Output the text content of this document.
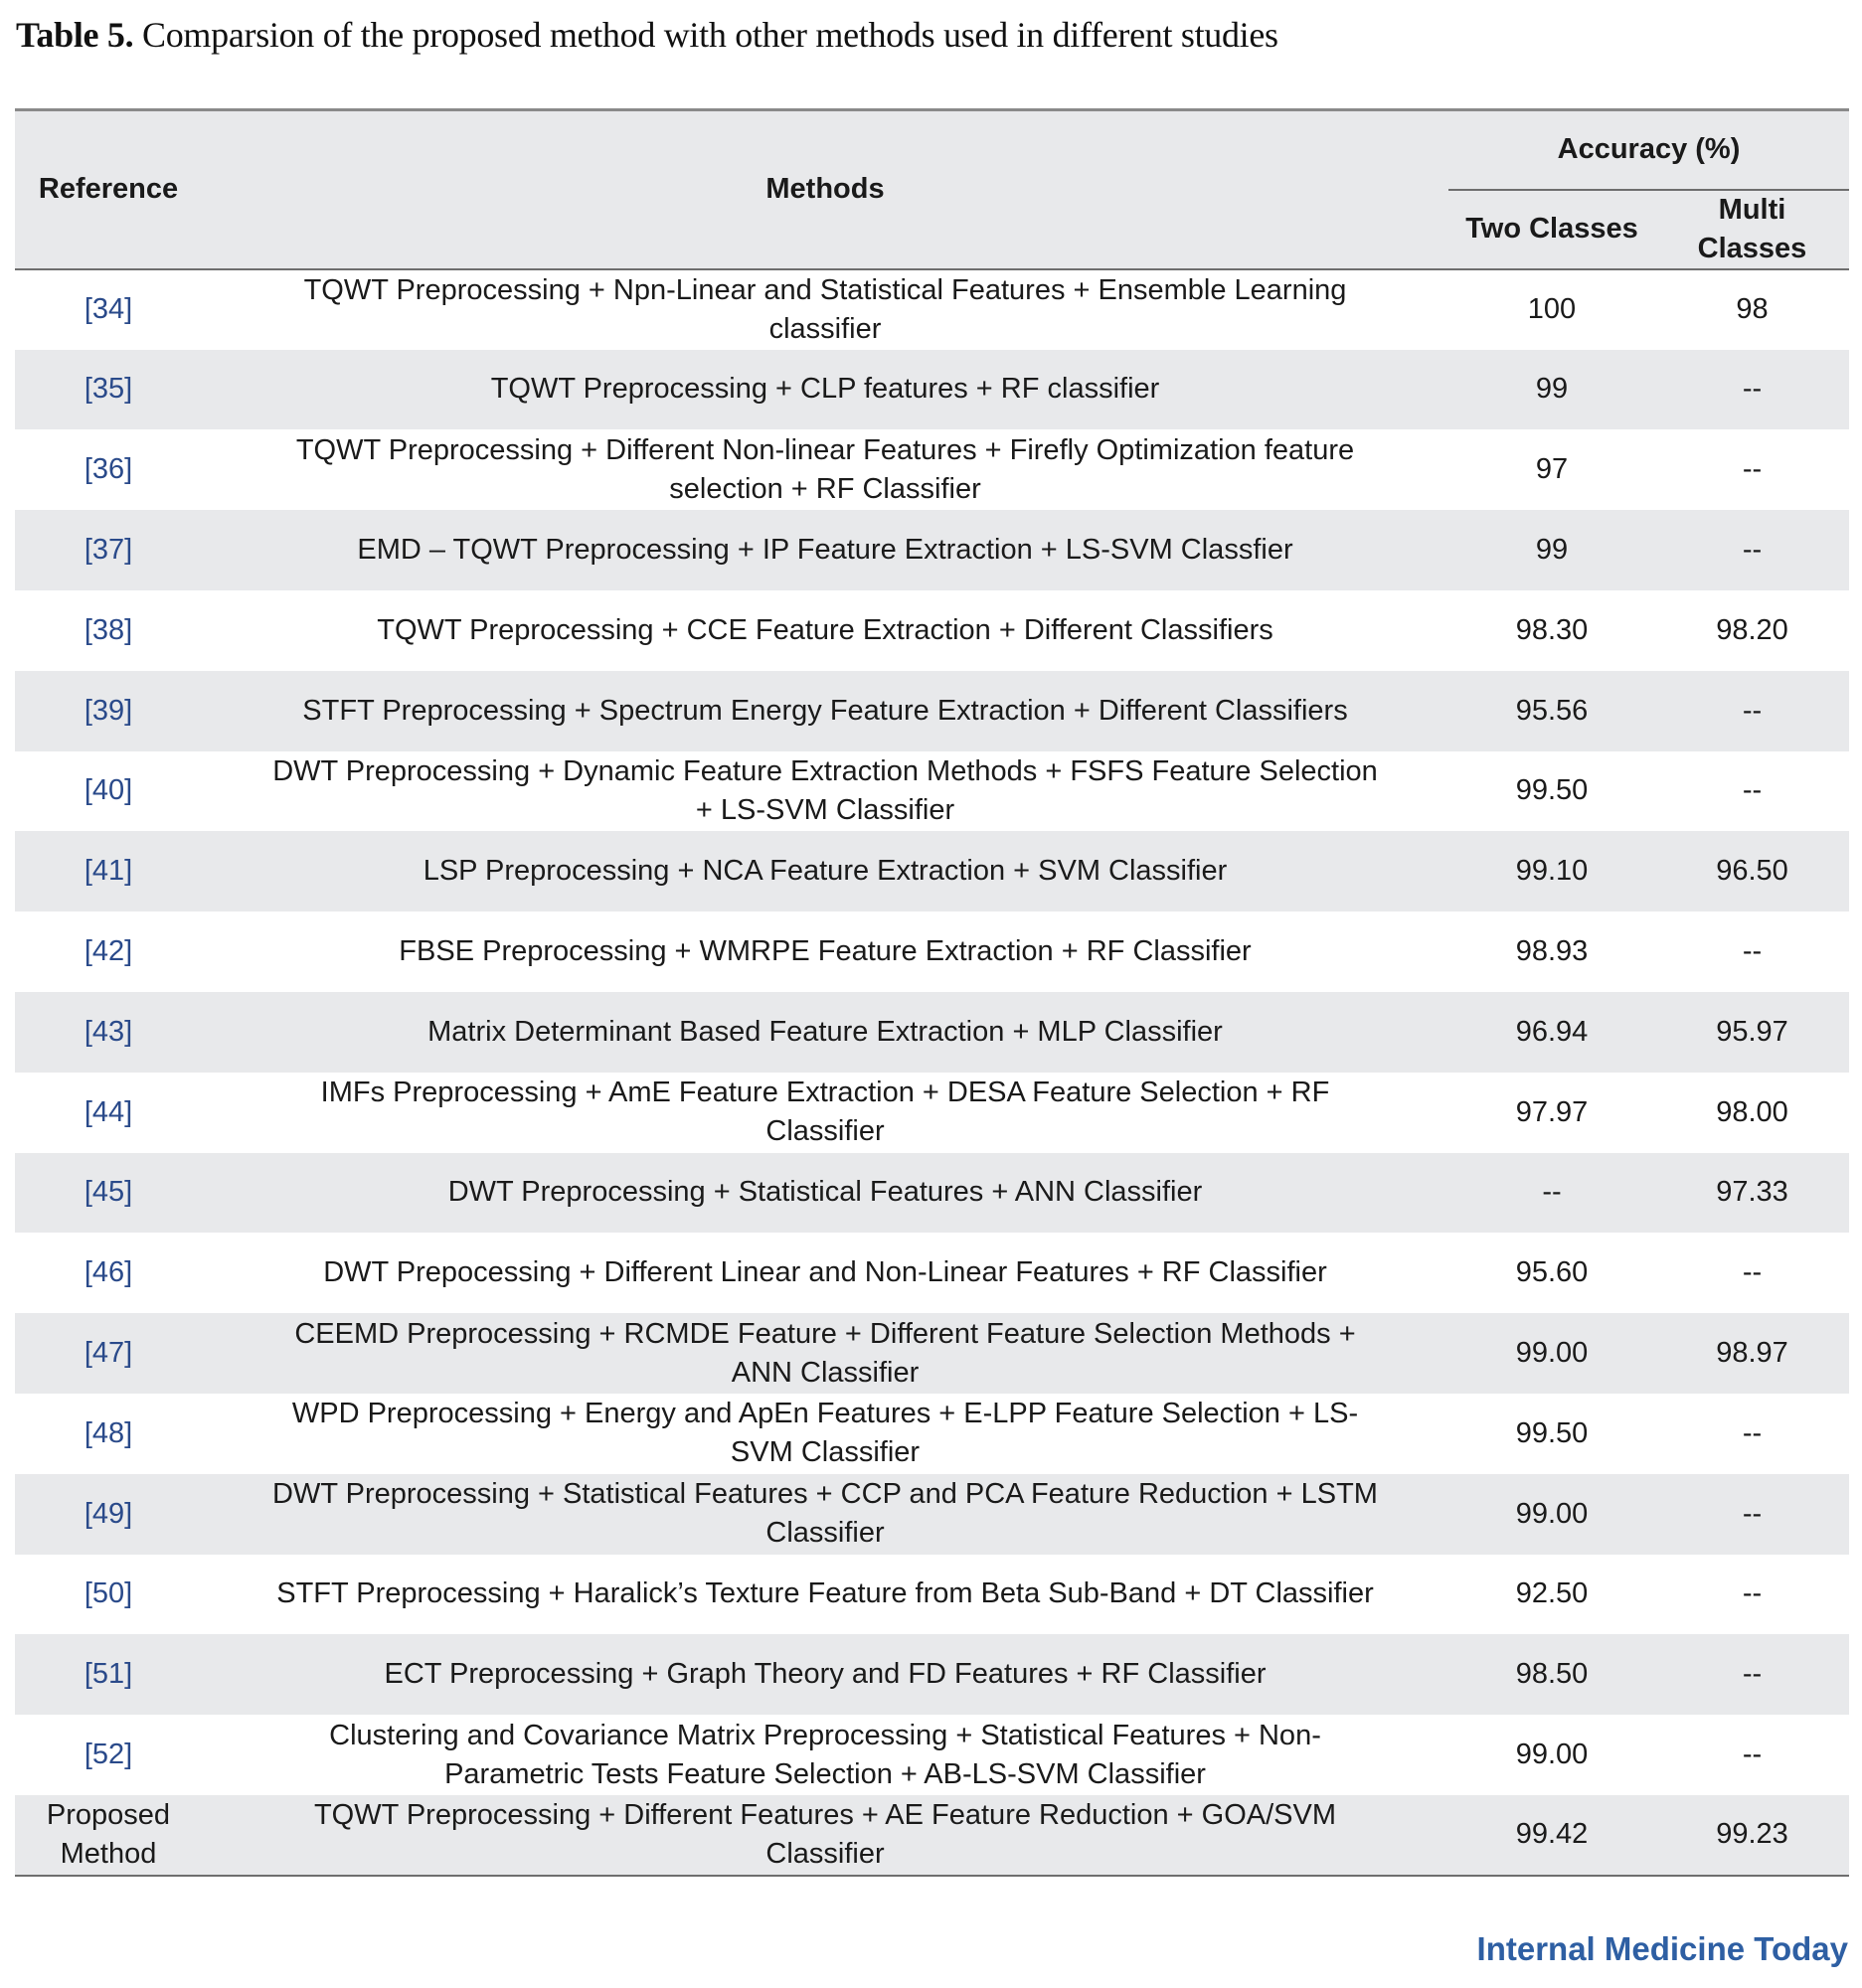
Table 5. Comparsion of the proposed method with other methods used in different studies
Reference	Methods	Accuracy (%)	
		Two Classes	Multi Classes
[34]	TQWT Preprocessing + Npn-Linear and Statistical Features + Ensemble Learning classifier	100	98
[35]	TQWT Preprocessing + CLP features + RF classifier	99	--
[36]	TQWT Preprocessing + Different Non-linear Features + Firefly Optimization feature selection + RF Classifier	97	--
[37]	EMD – TQWT Preprocessing + IP Feature Extraction + LS-SVM Classfier	99	--
[38]	TQWT Preprocessing + CCE Feature Extraction + Different Classifiers	98.30	98.20
[39]	STFT Preprocessing + Spectrum Energy Feature Extraction + Different Classifiers	95.56	--
[40]	DWT Preprocessing + Dynamic Feature Extraction Methods + FSFS Feature Selection + LS-SVM Classifier	99.50	--
[41]	LSP Preprocessing + NCA Feature Extraction + SVM Classifier	99.10	96.50
[42]	FBSE Preprocessing + WMRPE Feature Extraction + RF Classifier	98.93	--
[43]	Matrix Determinant Based Feature Extraction + MLP Classifier	96.94	95.97
[44]	IMFs Preprocessing + AmE Feature Extraction + DESA Feature Selection + RF Classifier	97.97	98.00
[45]	DWT Preprocessing + Statistical Features + ANN Classifier	--	97.33
[46]	DWT Prepocessing + Different Linear and Non-Linear Features + RF Classifier	95.60	--
[47]	CEEMD Preprocessing + RCMDE Feature + Different Feature Selection Methods + ANN Classifier	99.00	98.97
[48]	WPD Preprocessing + Energy and ApEn Features + E-LPP Feature Selection + LS-SVM Classifier	99.50	--
[49]	DWT Preprocessing + Statistical Features + CCP and PCA Feature Reduction + LSTM Classifier	99.00	--
[50]	STFT Preprocessing + Haralick’s Texture Feature from Beta Sub-Band + DT Classifier	92.50	--
[51]	ECT Preprocessing + Graph Theory and FD Features + RF Classifier	98.50	--
[52]	Clustering and Covariance Matrix Preprocessing + Statistical Features + Non-Parametric Tests Feature Selection + AB-LS-SVM Classifier	99.00	--
Proposed Method	TQWT Preprocessing + Different Features + AE Feature Reduction + GOA/SVM Classifier	99.42	99.23
Internal Medicine Today
